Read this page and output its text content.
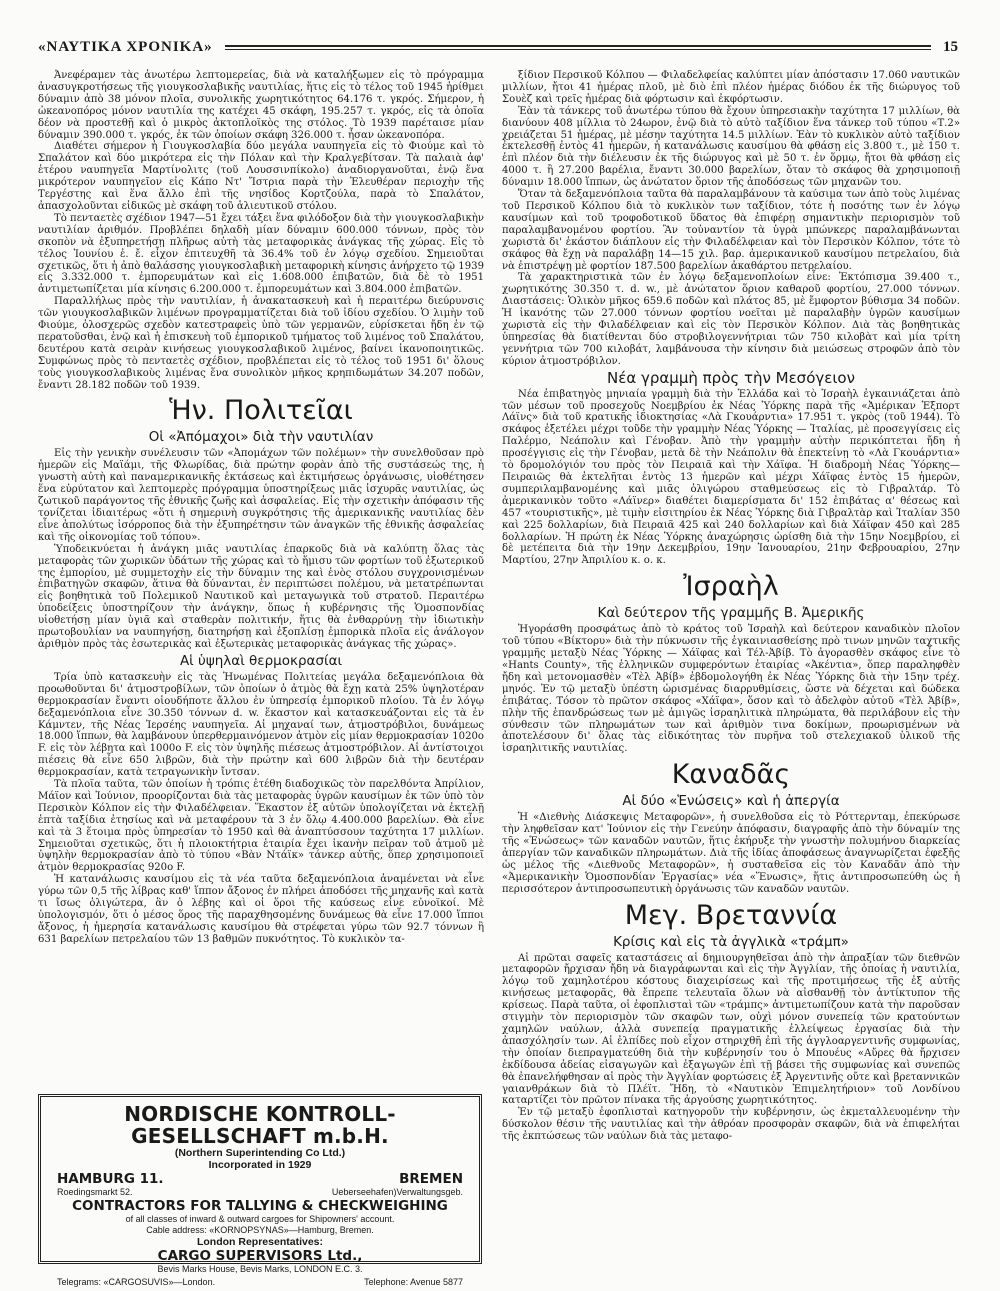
«ΝΑΥΤΙΚΑ ΧΡΟΝΙΚΑ»	15

Ἀνεφέραμεν τὰς ἀνωτέρω λεπτομερείας, διὰ νὰ καταλήξωμεν εἰς τὸ πρόγραμμα ἀνασυγκροτήσεως τῆς γιουγκοσλαβικῆς ναυτιλίας, ἥτις εἰς τὸ τέλος τοῦ 1945 ἠρίθμει δύναμιν ἀπὸ 38 μόνον πλοῖα, συνολικῆς χωρητικότητος 64.176 τ. γκρός. Σήμερον, ἡ ὠκεανοπόρος μόνον ναυτιλία της κατέχει 45 σκάφη, 195.257 τ. γκρός, εἰς τὰ ὁποῖα δέον νὰ προστεθῇ καὶ ὁ μικρὸς ἀκτοπλοϊκὸς της στόλος. Τὸ 1939 παρέταισε μίαν δύναμιν 390.000 τ. γκρός, ἐκ τῶν ὁποίων σκάφη 326.000 τ. ἦσαν ὠκεανοπόρα.

Διαθέτει σήμερον ἡ Γιουγκοσλαβία δύο μεγάλα ναυπηγεῖα εἰς τὸ Φιούμε καὶ τὸ Σπαλάτον καὶ δύο μικρότερα εἰς τὴν Πόλαν καὶ τὴν Κραλγεβίτσαν. Τὰ παλαιὰ ἀφ' ἑτέρου ναυπηγεῖα Μαρτίνολιτς (τοῦ Λουσσινπίκολο) ἀναδιοργανοῦται, ἐνῷ ἕνα μικρότερον ναυπηγεῖον εἰς Κάπο Ντ' Ἴστρια παρὰ τὴν Ἐλευθέραν περιοχὴν τῆς Τεργέστης καὶ ἕνα ἄλλο ἐπὶ τῆς νησίδος Κορτζούλα, παρὰ τὸ Σπαλάτον, ἀπασχολοῦνται εἰδικῶς μὲ σκάφη τοῦ ἁλιευτικοῦ στόλου.

Τὸ πενταετὲς σχέδιον 1947—51 ἔχει τάξει ἕνα φιλόδοξον διὰ τὴν γιουγκοσλαβικὴν ναυτιλίαν ἀριθμόν. Προβλέπει δηλαδὴ μίαν δύναμιν 600.000 τόννων, πρὸς τὸν σκοπὸν νὰ ἐξυπηρετήσῃ πλῆρως αὐτὴ τὰς μεταφορικὰς ἀνάγκας τῆς χώρας. Εἰς τὸ τέλος Ἰουνίου ἐ. ἔ. εἶχον ἐπιτευχθῆ τὰ 36.4% τοῦ ἐν λόγῳ σχεδίου. Σημειοῦται σχετικῶς, ὅτι ἡ ἀπὸ θαλάσσης γιουγκοσλαβικὴ μεταφορικὴ κίνησις ἀνήρχετο τῷ 1939 εἰς 3.332.000 τ. ἐμπορευμάτων καὶ εἰς 1.608.000 ἐπιβατῶν, διὰ δὲ τὸ 1951 ἀντιμετωπίζεται μία κίνησις 6.200.000 τ. ἐμπορευμάτων καὶ 3.804.000 ἐπιβατῶν.

Παραλλήλως πρὸς τὴν ναυτιλίαν, ἡ ἀνακατασκευὴ καὶ ἡ περαιτέρω διεύρυνσις τῶν γιουγκοσλαβικῶν λιμένων προγραμματίζεται διὰ τοῦ ἰδίου σχεδίου. Ὁ λιμὴν τοῦ Φιούμε, ὁλοσχερῶς σχεδὸν κατεστραφεὶς ὑπὸ τῶν γερμανῶν, εὑρίσκεται ἤδη ἐν τῷ περατοῦσθαι, ἐνῷ καὶ ἡ ἐπισκευὴ τοῦ ἐμπορικοῦ τμήματος τοῦ λιμένος τοῦ Σπαλάτου, δευτέρου κατὰ σειρὰν κινήσεως γιουγκοσλαβικοῦ λιμένος, βαίνει ἱκανοποιητικῶς. Συμφώνως πρὸς τὸ πενταετὲς σχέδιον, προβλέπεται εἰς τὸ τέλος τοῦ 1951 δι' ὅλους τοὺς γιουγκοσλαβικοὺς λιμένας ἕνα συνολικὸν μῆκος κρηπιδωμάτων 34.207 ποδῶν, ἔναντι 28.182 ποδῶν τοῦ 1939.

Ἡν. Πολιτεῖαι
Οἱ «Ἀπόμαχοι» διὰ τὴν ναυτιλίαν

Εἰς τὴν γενικὴν συνέλευσιν τῶν «Ἀπομάχων τῶν πολέμων» τὴν συνελθοῦσαν πρὸ ἡμερῶν εἰς Μαϊάμι, τῆς Φλωρίδας, διὰ πρώτην φορὰν ἀπὸ τῆς συστάσεώς της, ἡ γνωστὴ αὐτὴ καὶ παναμερικανικῆς ἐκτάσεως καὶ ἐκτιμήσεως ὀργάνωσις, υἱοθέτησεν ἕνα εὐρύτατον καὶ λεπτομερὲς πρόγραμμα ὑποστηρίξεως μιᾶς ἰσχυρᾶς ναυτιλίας, ὡς ζωτικοῦ παράγοντος τῆς ἐθνικῆς ζωῆς καὶ ἀσφαλείας. Εἰς τὴν σχετικὴν ἀπόφασιν τῆς τονίζεται ἰδιαιτέρως «ὅτι ἡ σημερινὴ συγκρότησις τῆς ἀμερικανικῆς ναυτιλίας δὲν εἶνε ἀπολύτως ἰσόρροπος διὰ τὴν ἐξυπηρέτησιν τῶν ἀναγκῶν τῆς ἐθνικῆς ἀσφαλείας καὶ τῆς οἰκονομίας τοῦ τόπου».

Ὑποδεικνύεται ἡ ἀνάγκη μιᾶς ναυτιλίας ἐπαρκοῦς διὰ νὰ καλύπτῃ ὅλας τὰς μεταφορὰς τῶν χωρικῶν ὑδάτων τῆς χώρας καὶ τὸ ἥμισυ τῶν φορτίων τοῦ ἐξωτερικοῦ της ἐμπορίου, μὲ συμμετοχὴν εἰς τὴν δύναμιν της καὶ ἑνὸς στόλου συγχρονισμένων ἐπιβατηγῶν σκαφῶν, ἅτινα θὰ δύνανται, ἐν περιπτώσει πολέμου, νὰ μετατρέπωνται εἰς βοηθητικὰ τοῦ Πολεμικοῦ Ναυτικοῦ καὶ μεταγωγικὰ τοῦ στρατοῦ. Περαιτέρω ὑποδείξεις ὑποστηρίζουν τὴν ἀνάγκην, ὅπως ἡ κυβέρνησις τῆς Ὁμοσπονδίας υἱοθετήσῃ μίαν ὑγιᾶ καὶ σταθερὰν πολιτικήν, ἥτις θὰ ἐνθαρρύνῃ τὴν ἰδιωτικὴν πρωτοβουλίαν να ναυπηγήσῃ, διατηρήσῃ καὶ ἐξοπλίσῃ ἐμπορικὰ πλοῖα εἰς ἀνάλογον ἀριθμὸν πρὸς τὰς ἐσωτερικὰς καὶ ἐξωτερικὰς μεταφορικὰς ἀνάγκας τῆς χώρας».

Αἱ ὑψηλαὶ θερμοκρασίαι

Τρία ὑπὸ κατασκευὴν εἰς τὰς Ἡνωμένας Πολιτείας μεγάλα δεξαμενόπλοια θὰ προωθοῦνται δι' ἀτμοστροβίλων, τῶν ὁποίων ὁ ἀτμὸς θὰ ἔχῃ κατὰ 25% ὑψηλοτέραν θερμοκρασίαν ἔναντι οἱουδήποτε ἄλλου ἐν ὑπηρεσίᾳ ἐμπορικοῦ πλοίου. Τὰ ἐν λόγῳ δεξαμενόπλοια εἶνε 30.350 τόννων d. w. ἕκαστον καὶ κατασκευάζονται εἰς τὰ ἐν Κάμντεν, τῆς Νέας Ἰερσέης ναυπηγεῖα. Αἱ μηχαναί των, ἀτμοστρόβιλοι, δυνάμεως 18.000 ἵππων, θὰ λαμβάνουν ὑπερθερμαινόμενον ἀτμὸν εἰς μίαν θερμοκρασίαν 1020ο F. εἰς τὸν λέβητα καὶ 1000ο F. εἰς τὸν ὑψηλῆς πιέσεως ἀτμοστρόβιλον. Αἱ ἀντίστοιχοι πιέσεις θὰ εἶνε 650 λιβρῶν, διὰ τὴν πρώτην καὶ 600 λιβρῶν διὰ τὴν δευτέραν θερμοκρασίαν, κατὰ τετραγωνικὴν ἴντσαν.

Τὰ πλοῖα ταῦτα, τῶν ὁποίων ἡ τρόπις ἐτέθη διαδοχικῶς τὸν παρελθόντα Ἀπρίλιον, Μάϊον καὶ Ἰούνιον, προορίζονται διὰ τὰς μεταφορὰς ὑγρῶν καυσίμων ἐκ τῶν ὑπὸ τὸν Περσικὸν Κόλπον εἰς τὴν Φιλαδέλφειαν. Ἕκαστον ἐξ αὐτῶν ὑπολογίζεται νὰ ἐκτελῇ ἑπτὰ ταξίδια ἐτησίως καὶ νὰ μεταφέρουν τὰ 3 ἐν ὅλῳ 4.400.000 βαρελίων. Θὰ εἶνε καὶ τὰ 3 ἕτοιμα πρὸς ὑπηρεσίαν τὸ 1950 καὶ θὰ ἀναπτύσσουν ταχύτητα 17 μιλλίων. Σημειοῦται σχετικῶς, ὅτι ἡ πλοιοκτήτρια ἑταιρία ἔχει ἱκανὴν πεῖραν τοῦ ἀτμοῦ μὲ ὑψηλὴν θερμοκρασίαν ἀπὸ τὸ τύπου «Βὰν Ντάϊκ» τάνκερ αὐτῆς, ὅπερ χρησιμοποιεῖ ἀτμὸν θερμοκρασίας 920ο F.

Ἡ κατανάλωσις καυσίμου εἰς τὰ νέα ταῦτα δεξαμενόπλοια ἀναμένεται νὰ εἶνε γύρω τῶν 0,5 τῆς λίβρας καθ' ἵππον ἄξονος ἐν πλήρει ἀποδόσει τῆς μηχανῆς καὶ κατὰ τι ἴσως ὀλιγώτερα, ἂν ὁ λέβης καὶ οἱ ὅροι τῆς καύσεως εἶνε εὐνοϊκοί. Μὲ ὑπολογισμόν, ὅτι ὁ μέσος ὅρος τῆς παραχθησομένης δυνάμεως θὰ εἶνε 17.000 ἵπποι ἄξονος, ἡ ἡμερησία κατανάλωσις καυσίμου θὰ στρέφεται γύρω τῶν 92.7 τόννων ἢ 631 βαρελίων πετρελαίου τῶν 13 βαθμῶν πυκνότητος. Τὸ κυκλικὸν τα-

ξίδιον Περσικοῦ Κόλπου — Φιλαδελφείας καλύπτει μίαν ἀπόστασιν 17.060 ναυτικῶν μιλλίων, ἤτοι 41 ἡμέρας πλοῦ, μὲ διὸ ἐπὶ πλέον ἡμέρας διόδου ἐκ τῆς διώρυγος τοῦ Σουὲζ καὶ τρεῖς ἡμέρας διὰ φόρτωσιν καὶ ἐκφόρτωσιν.

Ἐὰν τὰ τάνκερς τοῦ ἀνωτέρω τύπου θὰ ἔχουν ὑπηρεσιακὴν ταχύτητα 17 μιλλίων, θὰ διανύουν 408 μίλλια τὸ 24ωρον, ἐνῷ διὰ τὸ αὐτὸ ταξίδιον ἕνα τάνκερ τοῦ τύπου «Τ.2» χρειάζεται 51 ἡμέρας, μὲ μέσην ταχύτητα 14.5 μιλλίων. Ἐὰν τὸ κυκλικὸν αὐτὸ ταξίδιον ἐκτελεσθῇ ἐντὸς 41 ἡμερῶν, ἡ κατανάλωσις καυσίμου θὰ φθάσῃ εἰς 3.800 τ., μὲ 150 τ. ἐπὶ πλέον διὰ τὴν διέλευσιν ἐκ τῆς διώρυγος καὶ μὲ 50 τ. ἐν ὅρμῳ, ἤτοι θὰ φθάσῃ εἰς 4000 τ. ἢ 27.200 βαρέλια, ἔναντι 30.000 βαρελίων, ὅταν τὸ σκάφος θὰ χρησιμοποιῇ δύναμιν 18.000 ἵππων, ὡς ἀνώτατον ὅριον τῆς ἀποδόσεως τῶν μηχανῶν του.

Ὅταν τὰ δεξαμενόπλοια ταῦτα θὰ παραλαμβάνουν τὰ καύσιμα των ἀπὸ τοὺς λιμένας τοῦ Περσικοῦ Κόλπου διὰ τὸ κυκλικὸν των ταξίδιον, τότε ἡ ποσότης των ἐν λόγῳ καυσίμων καὶ τοῦ τροφοδοτικοῦ ὕδατος θὰ ἐπιφέρῃ σημαντικὴν περιορισμὸν τοῦ παραλαμβανομένου φορτίου. Ἂν τοὐναντίον τὰ ὑγρὰ μπώνκερς παραλαμβάνωνται χωριστὰ δι' ἑκάστον διάπλουν εἰς τὴν Φιλαδέλφειαν καὶ τὸν Περσικὸν Κόλπον, τότε τὸ σκάφος θὰ ἔχῃ νὰ παραλάβῃ 14—15 χιλ. βαρ. ἀμερικανικοῦ καυσίμου πετρελαίου, διὰ νὰ ἐπιστρέψῃ μὲ φορτίον 187.500 βαρελίων ἀκαθάρτου πετρελαίου.

Τὰ χαρακτηριστικὰ τῶν ἐν λόγῳ δεξαμενοπλοίων εἶνε: Ἐκτόπισμα 39.400 τ., χωρητικότης 30.350 τ. d. w., μὲ ἀνώτατον ὅριον καθαροῦ φορτίου, 27.000 τόννων. Διαστάσεις: Ὁλικὸν μῆκος 659.6 ποδῶν καὶ πλάτος 85, μὲ ἔμφορτον βύθισμα 34 ποδῶν. Ἡ ἱκανότης τῶν 27.000 τόννων φορτίου νοεῖται μὲ παραλαβὴν ὑγρῶν καυσίμων χωριστὰ εἰς τὴν Φιλαδέλφειαν καὶ εἰς τὸν Περσικὸν Κόλπον. Διὰ τὰς βοηθητικὰς ὑπηρεσίας θὰ διατίθενται δύο στροβιλογεννήτριαι τῶν 750 κιλοβὰτ καὶ μία τρίτη γεννήτρια τῶν 700 κιλοβάτ, λαμβάνουσα τὴν κίνησιν διὰ μειώσεως στροφῶν ἀπὸ τὸν κύριον ἀτμοστρόβιλον.

Νέα γραμμὴ πρὸς τὴν Μεσόγειον

Νέα ἐπιβατηγὸς μηνιαία γραμμὴ διὰ τὴν Ἑλλάδα καὶ τὸ Ἰσραὴλ ἐγκαινιάζεται ἀπὸ τῶν μέσων τοῦ προσεχοῦς Νοεμβρίου ἐκ Νέας Ὑόρκης παρὰ τῆς «Ἀμέρικαν Ἐξπορτ Λάϊνς» διὰ τοῦ κρατικῆς ἰδιοκτησίας «Λὰ Γκουάρντια» 17.951 τ. γκρὸς (τοῦ 1944). Τὸ σκάφος ἐξετέλει μέχρι τοῦδε τὴν γραμμὴν Νέας Ὑόρκης — Ἰταλίας, μὲ προσεγγίσεις εἰς Παλέρμο, Νεάπολιν καὶ Γένοβαν. Ἀπὸ τὴν γραμμὴν αὐτὴν περικόπτεται ἤδη ἡ προσέγγισις εἰς τὴν Γένοβαν, μετὰ δὲ τὴν Νεάπολιν θὰ ἐπεκτείνῃ τὸ «Λὰ Γκουάρντια» τὸ δρομολόγιόν του πρὸς τὸν Πειραιᾶ καὶ τὴν Χάϊφα. Ἡ διαδρομὴ Νέας Ὑόρκης—Πειραιῶς θὰ ἐκτελῆται ἐντὸς 13 ἡμερῶν καὶ μέχρι Χάϊφας ἐντὸς 15 ἡμερῶν, συμπεριλαμβανομένης καὶ μιᾶς ὀλιγώρου σταθμεύσεως εἰς τὸ Γιβραλτάρ. Τὸ ἀμερικανικὸν τοῦτο «Λάϊνερ» διαθέτει διαμερίσματα δι' 152 ἐπιβάτας α' θέσεως καὶ 457 «τουριστικῆς», μὲ τιμὴν εἰσιτηρίου ἐκ Νέας Ὑόρκης διὰ Γιβραλτὰρ καὶ Ἰταλίαν 350 καὶ 225 δολλαρίων, διὰ Πειραιᾶ 425 καὶ 240 δολλαρίων καὶ διὰ Χάϊφαν 450 καὶ 285 δολλαρίων. Ἡ πρώτη ἐκ Νέας Ὑόρκης ἀναχώρησις ὡρίσθη διὰ τὴν 15ην Νοεμβρίου, εἰ δὲ μετέπειτα διὰ τὴν 19ην Δεκεμβρίου, 19ην Ἰανουαρίου, 21ην Φεβρουαρίου, 27ην Μαρτίου, 27ην Ἀπριλίου κ. ο. κ.

Ἰσραὴλ
Καὶ δεύτερον τῆς γραμμῆς Β. Ἀμερικῆς

Ἠγοράσθη προσφάτως ἀπὸ τὸ κράτος τοῦ Ἰσραὴλ καὶ δεύτερον καναδικὸν πλοῖον τοῦ τύπου «Βίκτορυ» διὰ τὴν πύκνωσιν τῆς ἐγκαινιασθείσης πρὸ τινων μηνῶν ταχτικῆς γραμμῆς μεταξὺ Νέας Ὑόρκης — Χάϊφας καὶ Τέλ-Ἀβίβ. Τὸ ἀγορασθὲν σκάφος εἶνε τὸ «Hants County», τῆς ἑλληνικῶν συμφερόντων ἑταιρίας «Ἀκέντια», ὅπερ παραληφθὲν ἤδη καὶ μετονομασθὲν «Τὲλ Ἀβίβ» ἐβδομολογήθη ἐκ Νέας Ὑόρκης διὰ τὴν 15ην τρέχ. μηνός. Ἐν τῷ μεταξὺ ὑπέστη ὡρισμένας διαρρυθμίσεις, ὥστε νὰ δέχεται καὶ δώδεκα ἐπιβάτας. Τόσον τὸ πρῶτον σκάφος «Χάϊφα», ὅσον καὶ τὸ ἀδελφὸν αὐτοῦ «Τὲλ Ἀβίβ», πλὴν τῆς ἐπανδρώσεως των μὲ ἀμιγῶς ἰσραηλιτικὰ πληρώματα, θὰ περιλάβουν εἰς τὴν σύνθεσιν τῶν πληρωμάτων των καὶ ἀριθμὸν τινα δοκίμων, προωρισμένων νὰ ἀποτελέσουν δι' ὅλας τὰς εἰδικότητας τὸν πυρῆνα τοῦ στελεχιακοῦ ὑλικοῦ τῆς ἰσραηλιτικῆς ναυτιλίας.

Καναδᾶς
Αἱ δύο «Ἑνώσεις» καὶ ἡ ἀπεργία

Ἡ «Διεθνὴς Διάσκεψις Μεταφορῶν», ἡ συνελθοῦσα εἰς τὸ Ρόττερνταμ, ἐπεκύρωσε τὴν ληφθεῖσαν κατ' Ἰούνιον εἰς τὴν Γενεύην ἀπόφασιν, διαγραφῆς ἀπὸ τὴν δύναμίν της τῆς «Ἑνώσεως» τῶν καναδῶν ναυτῶν, ἥτις ἐκήρυξε τὴν γνωστὴν πολυμήνου διαρκείας ἀπεργίαν τῶν καναδικῶν πληρωμάτων. Διὰ τῆς ἰδίας ἀποφάσεως ἀναγνωρίζεται ἐφεξῆς ὡς μέλος τῆς «Διεθνοῦς Μεταφορῶν», ἡ συσταθεῖσα εἰς τὸν Καναδᾶν ἀπὸ τὴν «Ἀμερικανικὴν Ὁμοσπονδίαν Ἐργασίας» νέα «Ἕνωσις», ἥτις ἀντιπροσωπεύθη ὡς ἡ περισσότερον ἀντιπροσωπευτικὴ ὀργάνωσις τῶν καναδῶν ναυτῶν.

Μεγ. Βρεταννία
Κρίσις καὶ εἰς τὰ ἀγγλικὰ «τράμπ»

Αἱ πρῶται σαφεῖς καταστάσεις αἱ δημιουργηθεῖσαι ἀπὸ τὴν ἀπραξίαν τῶν διεθνῶν μεταφορῶν ἤρχισαν ἤδη νὰ διαγράφωνται καὶ εἰς τὴν Ἀγγλίαν, τῆς ὁποίας ἡ ναυτιλία, λόγῳ τοῦ χαμηλοτέρου κόστους διαχειρίσεως καὶ τῆς προτιμήσεως τῆς ἐξ αὐτῆς κινήσεως μεταφορᾶς, θὰ ἔπρεπε τελευταῖα ὅλων νὰ αἰσθανθῇ τὸν ἀντίκτυπον τῆς κρίσεως. Παρὰ ταῦτα, οἱ ἐφοπλισταὶ τῶν «τράμπς» ἀντιμετωπίζουν κατὰ τὴν παροῦσαν στιγμὴν τὸν περιορισμὸν τῶν σκαφῶν των, οὐχὶ μόνον συνεπείᾳ τῶν κρατούντων χαμηλῶν ναύλων, ἀλλὰ συνεπείᾳ πραγματικῆς ἐλλείψεως ἐργασίας διὰ τὴν ἀπασχόλησίν των. Αἱ ἐλπίδες ποὺ εἶχον στηριχθῆ ἐπὶ τῆς ἀγγλοαργεντινῆς συμφωνίας, τὴν ὁποίαν διεπραγματεύθη διὰ τὴν κυβέρνησίν του ὁ Μπουέυς «Αὔρες θὰ ἤρχισεν ἐκδίδουσα ἀδείας εἰσαγωγῶν καὶ ἐξαγωγῶν ἐπὶ τῇ βάσει τῆς συμφωνίας καὶ συνεπῶς θὰ ἐπανελήφθησαν αἱ πρὸς τὴν Ἀγγλίαν φορτώσεις ἐξ Ἀργεντινῆς οὔτε καὶ βρεταννικῶν γαιανθράκων διὰ τὸ Πλέϊτ. Ἤδη, τὸ «Ναυτικὸν Ἐπιμελητήριον» τοῦ Λονδίνου καταρτίζει τὸν πρῶτον πίνακα τῆς ἀργούσης χωρητικότητος.

Ἐν τῷ μεταξὺ ἐφοπλισταὶ κατηγοροῦν τὴν κυβέρνησιν, ὡς ἐκμεταλλευομένην τὴν δύσκολον θέσιν τῆς ναυτιλίας καὶ τὴν ἀθρόαν προσφορὰν σκαφῶν, διὰ νὰ ἐπιφελήται τῆς ἐκπτώσεως τῶν ναύλων διὰ τὰς μεταφο-

NORDISCHE KONTROLL-GESELLSCHAFT m.b.H.
(Northern Superintending Co Ltd.)
Incorporated in 1929
HAMBURG 11.	BREMEN
Roedingsmarkt 52.	Ueberseehafen)Verwaltungsgeb.
CONTRACTORS FOR TALLYING & CHECKWEIGHING
of all classes of inward & outward cargoes for Shipowners' account.
Cable address: «KORNOPSYNAS»—Hamburg, Bremen.
London Representatives:
CARGO SUPERVISORS Ltd.,
Bevis Marks House, Bevis Marks, LONDON E.C. 3.
Telegrams: «CARGOSUVIS»—London.	Telephone: Avenue 5877
